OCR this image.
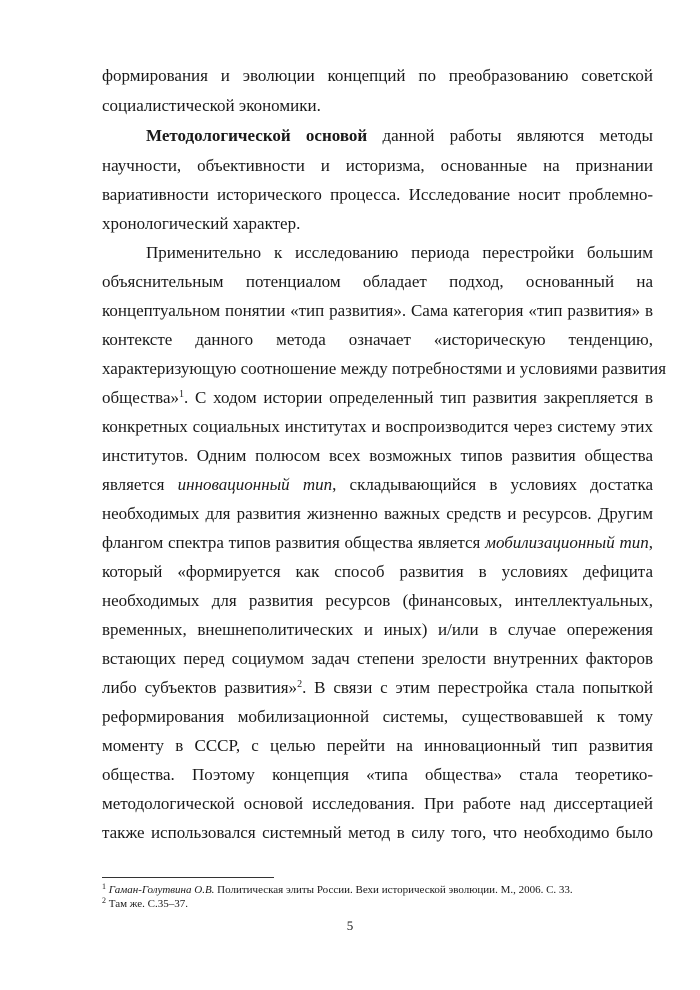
формирования и эволюции концепций по преобразованию советской
социалистической экономики.
Методологической основой данной работы являются методы
научности, объективности и историзма, основанные на признании
вариативности исторического процесса. Исследование носит проблемно-
хронологический характер.
Применительно к исследованию периода перестройки большим
объяснительным потенциалом обладает подход, основанный на
концептуальном понятии «тип развития». Сама категория «тип развития» в
контексте данного метода означает «историческую тенденцию,
характеризующую соотношение между потребностями и условиями развития
общества»$^1$. С ходом истории определенный тип развития закрепляется в
конкретных социальных институтах и воспроизводится через систему этих
институтов. Одним полюсом всех возможных типов развития общества
является инновационный тип, складывающийся в условиях достатка
необходимых для развития жизненно важных средств и ресурсов. Другим
флангом спектра типов развития общества является мобилизационный тип,
который «формируется как способ развития в условиях дефицита
необходимых для развития ресурсов (финансовых, интеллектуальных,
временных, внешнеполитических и иных) и/или в случае опережения
встающих перед социумом задач степени зрелости внутренних факторов
либо субъектов развития»$^2$. В связи с этим перестройка стала попыткой
реформирования мобилизационной системы, существовавшей к тому
моменту в СССР, с целью перейти на инновационный тип развития
общества. Поэтому концепция «типа общества» стала теоретико-
методологической основой исследования. При работе над диссертацией
также использовался системный метод в силу того, что необходимо было
$^1$ Гаман-Голутвина О.В. Политическая элиты России. Вехи исторической эволюции. М., 2006. С. 33.
$^2$ Там же. С.35–37.
5
